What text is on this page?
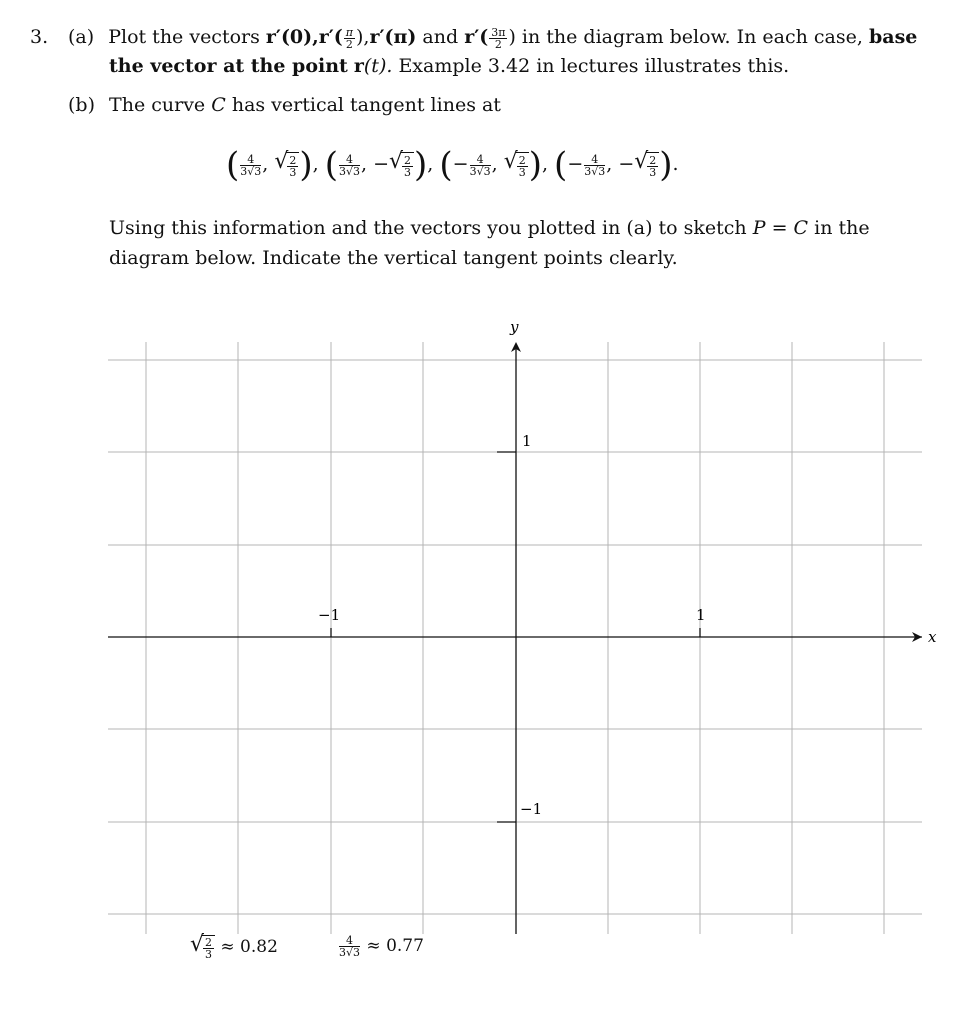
3. (a) Plot the vectors $r'(0),r'( \frac{\pi}{2} ),r'(\pi)$ and $r'( \frac{3\pi}{2}$ ) in the diagram below. In each case, base
the vector at the point r(t). Example 3.42 in lectures illustrates this.
(b) The curve C has vertical tangent lines at
( $\frac{4}{3√3}$ , √
$\frac{2}{3}$ ), ( $\frac{4}{3√3}$ , − √
$\frac{2}{3}$ ), (− $\frac{4}{3√3}$ , √
$\frac{2}{3}$ ), (− $\frac{4}{3√3}$ , − √
$\frac{2}{3}$ ).
Using this information and the vectors you plotted in (a) to sketch P = C in the
diagram below. Indicate the vertical tangent points clearly.
x
y
−1	1
1
−1
√
$\frac{2}{3} \approx 0.82$	$\frac{4}{3√3} \approx 0.77$
